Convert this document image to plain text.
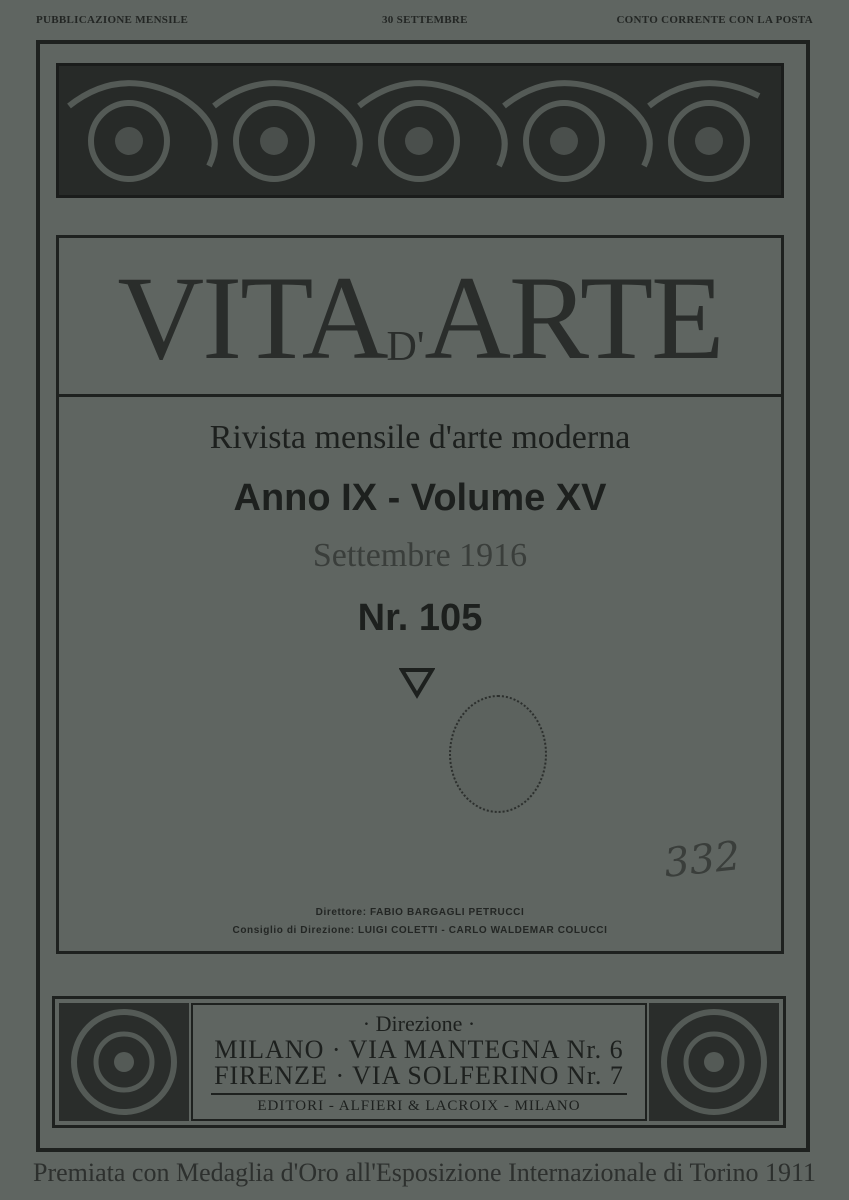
PUBBLICAZIONE MENSILE	30 SETTEMBRE	CONTO CORRENTE CON LA POSTA
VITAD'ARTE
Rivista mensile d'arte moderna
Anno IX - Volume XV
Settembre 1916
Nr. 105
332
Direttore: FABIO BARGAGLI PETRUCCI
Consiglio di Direzione: LUIGI COLETTI - CARLO WALDEMAR COLUCCI
· Direzione ·
MILANO · VIA MANTEGNA Nr. 6
FIRENZE · VIA SOLFERINO Nr. 7
EDITORI - ALFIERI & LACROIX - MILANO
Premiata con Medaglia d'Oro all'Esposizione Internazionale di Torino 1911
